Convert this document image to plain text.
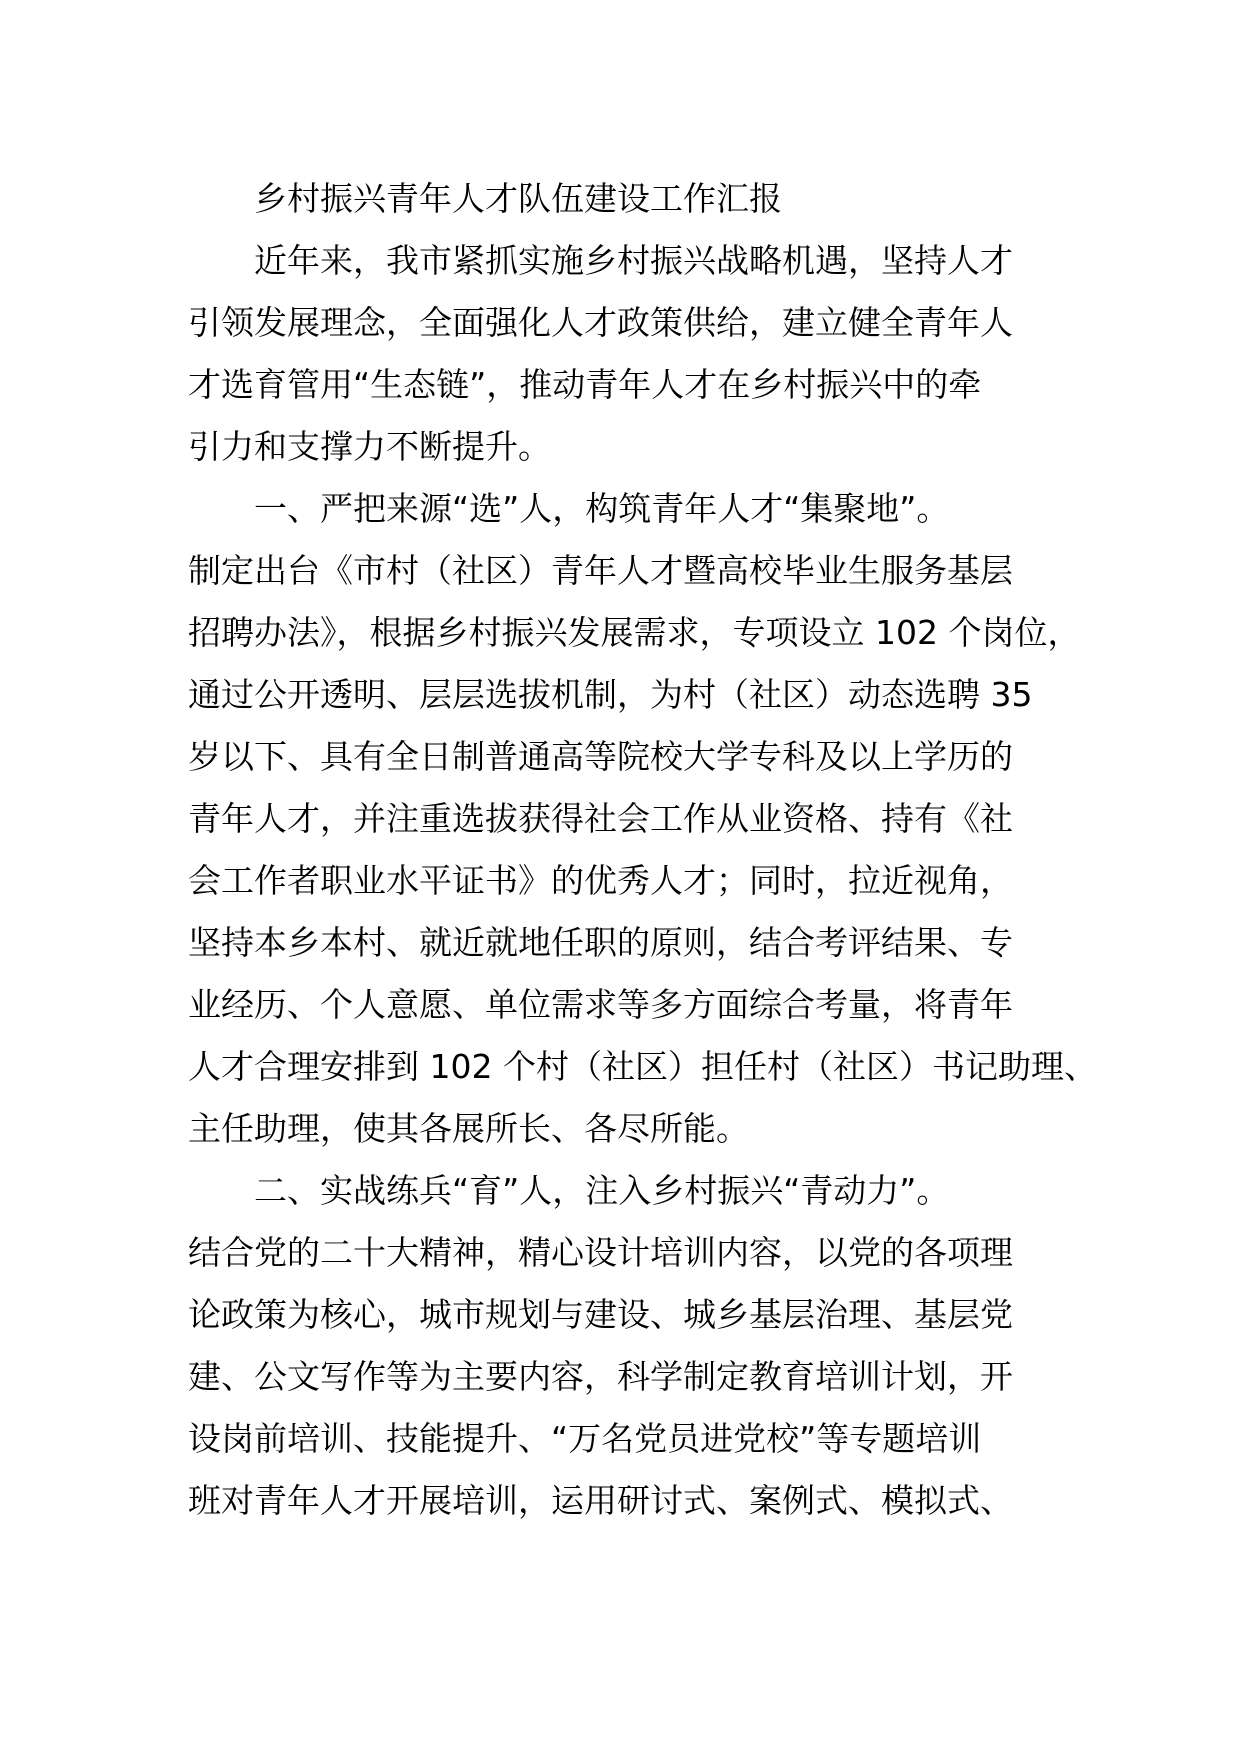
乡村振兴青年人才队伍建设工作汇报
近年来，我市紧抓实施乡村振兴战略机遇，坚持人才
引领发展理念，全面强化人才政策供给，建立健全青年人
才选育管用“生态链”，推动青年人才在乡村振兴中的牵
引力和支撑力不断提升。
一、严把来源“选”人，构筑青年人才“集聚地”。
制定出台《市村（社区）青年人才暨高校毕业生服务基层
招聘办法》，根据乡村振兴发展需求，专项设立 102 个岗位，
通过公开透明、层层选拔机制，为村（社区）动态选聘 35
岁以下、具有全日制普通高等院校大学专科及以上学历的
青年人才，并注重选拔获得社会工作从业资格、持有《社
会工作者职业水平证书》的优秀人才；同时，拉近视角，
坚持本乡本村、就近就地任职的原则，结合考评结果、专
业经历、个人意愿、单位需求等多方面综合考量，将青年
人才合理安排到 102 个村（社区）担任村（社区）书记助理、
主任助理，使其各展所长、各尽所能。
二、实战练兵“育”人，注入乡村振兴“青动力”。
结合党的二十大精神，精心设计培训内容，以党的各项理
论政策为核心，城市规划与建设、城乡基层治理、基层党
建、公文写作等为主要内容，科学制定教育培训计划，开
设岗前培训、技能提升、“万名党员进党校”等专题培训
班对青年人才开展培训，运用研讨式、案例式、模拟式、
